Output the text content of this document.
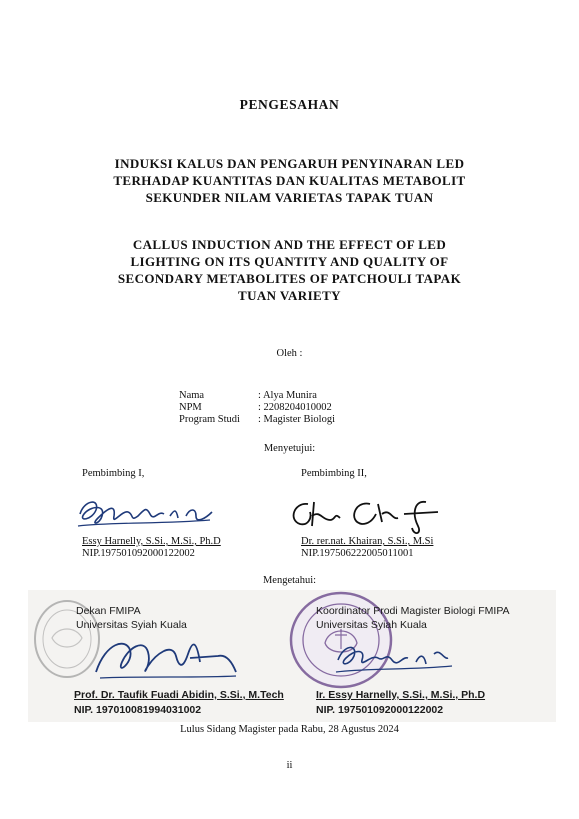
PENGESAHAN
INDUKSI KALUS DAN PENGARUH PENYINARAN LED
TERHADAP KUANTITAS DAN KUALITAS METABOLIT
SEKUNDER NILAM VARIETAS TAPAK TUAN
CALLUS INDUCTION AND THE EFFECT OF LED
LIGHTING ON ITS QUANTITY AND QUALITY OF
SECONDARY METABOLITES OF PATCHOULI TAPAK
TUAN VARIETY
Oleh :
Nama	: Alya Munira
NPM	: 2208204010002
Program Studi	: Magister Biologi
Menyetujui:
Pembimbing I,	Pembimbing II,
Essy Harnelly, S.Si., M.Si., Ph.D
NIP.197501092000122002
Dr. rer.nat. Khairan, S.Si., M.Si
NIP.197506222005011001
Mengetahui:
Dekan FMIPA
Universitas Syiah Kuala
Prof. Dr. Taufik Fuadi Abidin, S.Si., M.Tech
NIP. 197010081994031002
Koordinator Prodi Magister Biologi FMIPA
Universitas Syiah Kuala
Ir. Essy Harnelly, S.Si., M.Si., Ph.D
NIP. 197501092000122002
Lulus Sidang Magister pada Rabu, 28 Agustus 2024
ii
